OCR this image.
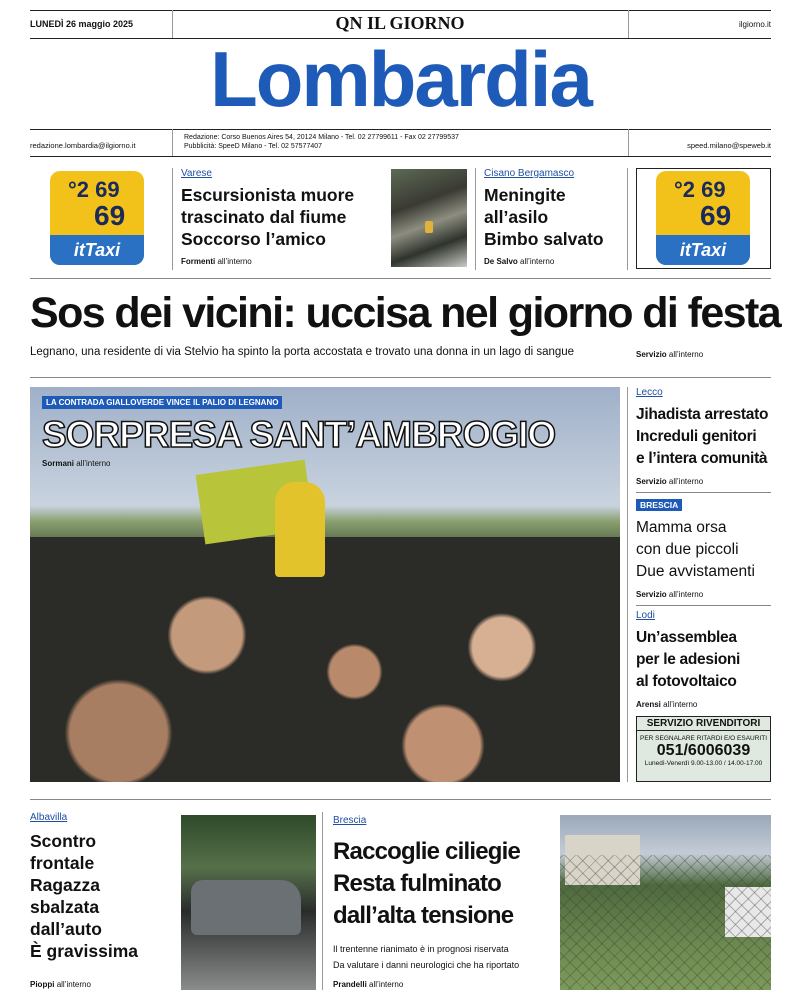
LUNEDÌ 26 maggio 2025	QN IL GIORNO	ilgiorno.it
Lombardia
redazione.lombardia@ilgiorno.it
Redazione: Corso Buenos Aires 54, 20124 Milano - Tel. 02 27799611 - Fax 02 27799537
Pubblicità: SpeeD Milano - Tel. 02 57577407	speed.milano@speweb.it
°2 69
69
itTaxi
Varese
Escursionista muore
trascinato dal fiume
Soccorso l’amico
Formenti all’interno
Cisano Bergamasco
Meningite
all’asilo
Bimbo salvato
De Salvo all’interno
°2 69
69
itTaxi
Sos dei vicini: uccisa nel giorno di festa
Legnano, una residente di via Stelvio ha spinto la porta accostata e trovato una donna in un lago di sangue	Servizio all’interno
LA CONTRADA GIALLOVERDE VINCE IL PALIO DI LEGNANO
SORPRESA SANT’AMBROGIO
Sormani all’interno
Lecco
Jihadista arrestato
Increduli genitori
e l’intera comunità
Servizio all’interno
BRESCIA
Mamma orsa
con due piccoli
Due avvistamenti
Servizio all’interno
Lodi
Un’assemblea
per le adesioni
al fotovoltaico
Arensi all’interno
SERVIZIO RIVENDITORI
PER SEGNALARE RITARDI E/O ESAURITI
051/6006039
Lunedì-Venerdì 9.00-13.00 / 14.00-17.00
Albavilla
Scontro
frontale
Ragazza
sbalzata
dall’auto
È gravissima
Pioppi all’interno
Brescia
Raccoglie ciliegie
Resta fulminato
dall’alta tensione
Il trentenne rianimato è in prognosi riservata
Da valutare i danni neurologici che ha riportato
Prandelli all’interno
